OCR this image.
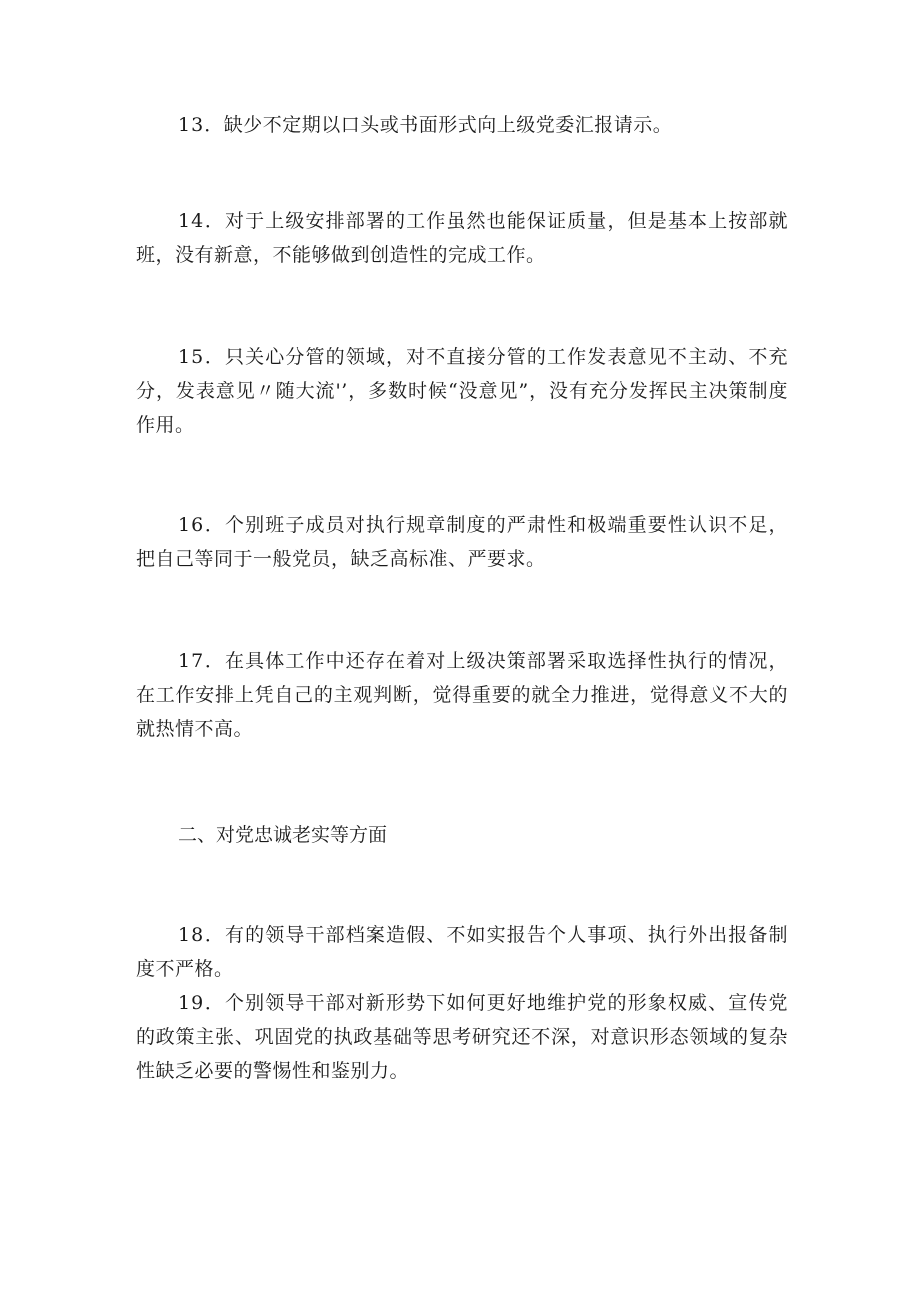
13．缺少不定期以口头或书面形式向上级党委汇报请示。

14．对于上级安排部署的工作虽然也能保证质量，但是基本上按部就班，没有新意，不能够做到创造性的完成工作。

15．只关心分管的领域，对不直接分管的工作发表意见不主动、不充分，发表意见〃随大流'’，多数时候“没意见”，没有充分发挥民主决策制度作用。

16．个别班子成员对执行规章制度的严肃性和极端重要性认识不足，把自己等同于一般党员，缺乏高标准、严要求。

17．在具体工作中还存在着对上级决策部署采取选择性执行的情况，在工作安排上凭自己的主观判断，觉得重要的就全力推进，觉得意义不大的就热情不高。

二、对党忠诚老实等方面

18．有的领导干部档案造假、不如实报告个人事项、执行外出报备制度不严格。

19．个别领导干部对新形势下如何更好地维护党的形象权威、宣传党的政策主张、巩固党的执政基础等思考研究还不深，对意识形态领域的复杂性缺乏必要的警惕性和鉴别力。
